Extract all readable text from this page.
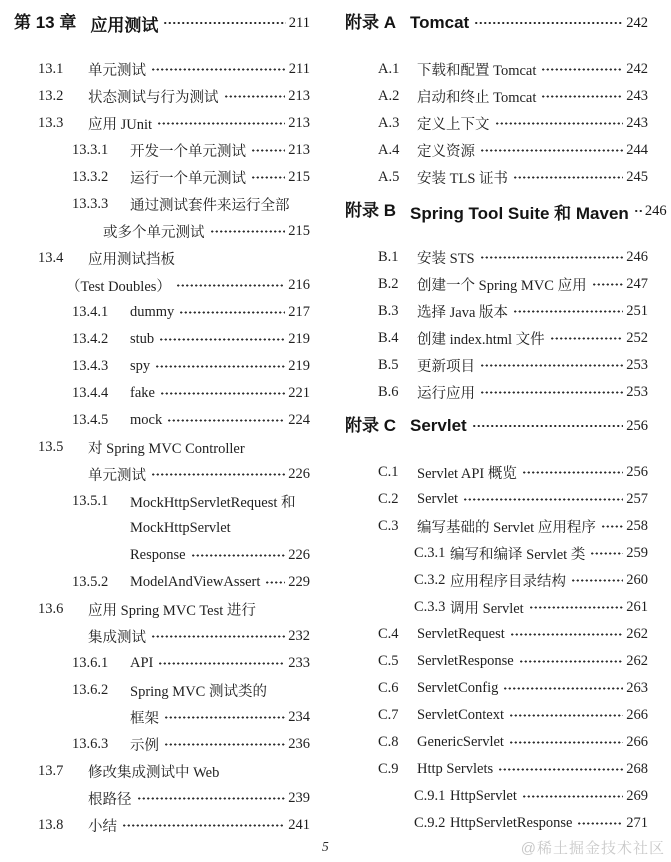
第 13 章 应用测试	211
13.1	单元测试	211
13.2	状态测试与行为测试	213
13.3	应用 JUnit	213
13.3.1	开发一个单元测试	213
13.3.2	运行一个单元测试	215
13.3.3	通过测试套件来运行全部
或多个单元测试	215
13.4	应用测试挡板
（Test Doubles）	216
13.4.1	dummy	217
13.4.2	stub	219
13.4.3	spy	219
13.4.4	fake	221
13.4.5	mock	224
13.5	对 Spring MVC Controller
单元测试	226
13.5.1	MockHttpServletRequest 和
MockHttpServlet
Response	226
13.5.2	ModelAndViewAssert 229
13.6	应用 Spring MVC Test 进行
集成测试	232
13.6.1	API	233
13.6.2	Spring MVC 测试类的
框架	234
13.6.3	示例	236
13.7	修改集成测试中 Web
根路径	239
13.8	小结	241
附录 A Tomcat	242
A.1	下载和配置 Tomcat	242
A.2	启动和终止 Tomcat	243
A.3	定义上下文	243
A.4	定义资源	244
A.5	安装 TLS 证书	245
附录 B Spring Tool Suite 和 Maven 246
B.1	安装 STS	246
B.2	创建一个 Spring MVC 应用	247
B.3	选择 Java 版本	251
B.4	创建 index.html 文件	252
B.5	更新项目	253
B.6	运行应用	253
附录 C Servlet	256
C.1	Servlet API 概览	256
C.2	Servlet	257
C.3	编写基础的 Servlet 应用程序 258
C.3.1 编写和编译 Servlet 类	259
C.3.2 应用程序目录结构	260
C.3.3 调用 Servlet	261
C.4	ServletRequest	262
C.5	ServletResponse	262
C.6	ServletConfig	263
C.7	ServletContext	266
C.8	GenericServlet	266
C.9	Http Servlets	268
C.9.1 HttpServlet	269
C.9.2 HttpServletResponse	271
5	@稀土掘金技术社区
